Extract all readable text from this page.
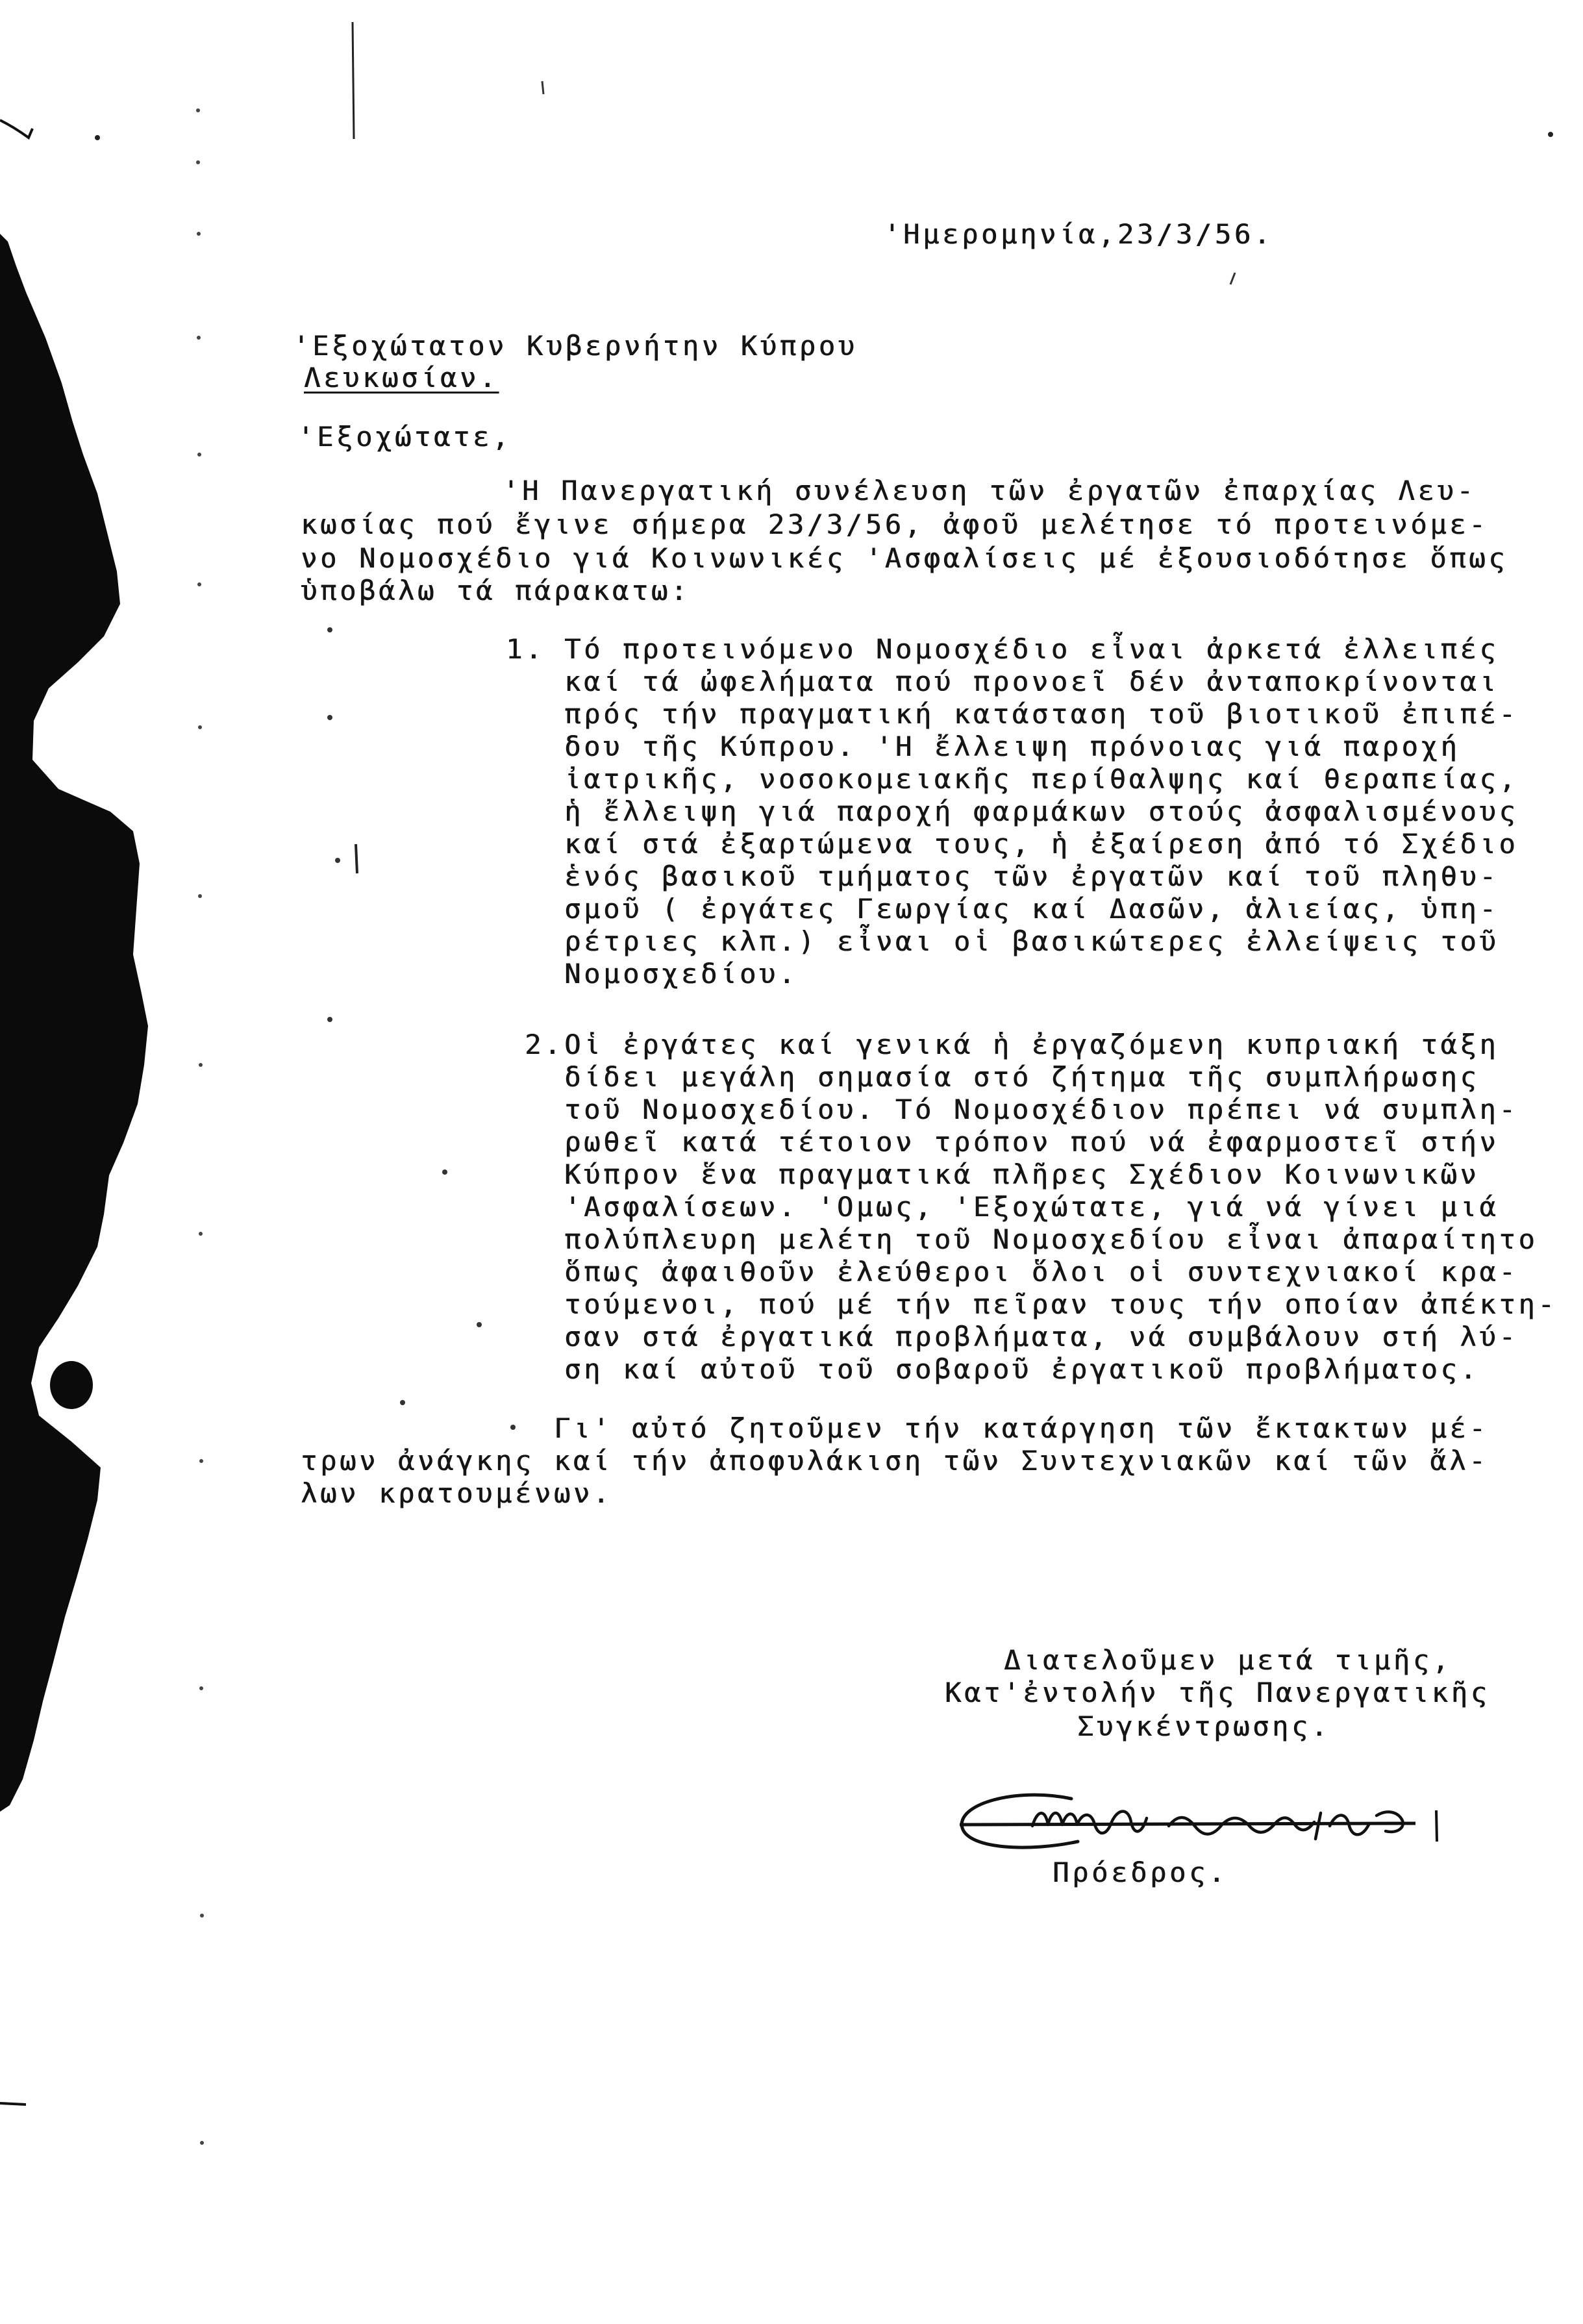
'Ημερομηνία,23/3/56.
'Εξοχώτατον Κυβερνήτην Κύπρου
Λευκωσίαν.
'Εξοχώτατε,
'Η Πανεργατική συνέλευση τῶν ἐργατῶν ἐπαρχίας Λευ-
κωσίας πού ἔγινε σήμερα 23/3/56, ἀφοῦ μελέτησε τό προτεινόμε-
νο Νομοσχέδιο γιά Κοινωνικές 'Ασφαλίσεις μέ ἐξουσιοδότησε ὅπως
ὑποβάλω τά πάρακατω:
1. Τό προτεινόμενο Νομοσχέδιο εἶναι ἀρκετά ἐλλειπές
καί τά ὠφελήματα πού προνοεῖ δέν ἀνταποκρίνονται
πρός τήν πραγματική κατάσταση τοῦ βιοτικοῦ ἐπιπέ-
δου τῆς Κύπρου. 'Η ἔλλειψη πρόνοιας γιά παροχή
ἰατρικῆς, νοσοκομειακῆς περίθαλψης καί θεραπείας,
ἡ ἔλλειψη γιά παροχή φαρμάκων στούς ἀσφαλισμένους
καί στά ἐξαρτώμενα τους, ἡ ἐξαίρεση ἀπό τό Σχέδιο
ἑνός βασικοῦ τμήματος τῶν ἐργατῶν καί τοῦ πληθυ-
σμοῦ ( ἐργάτες Γεωργίας καί Δασῶν, ἁλιείας, ὑπη-
ρέτριες κλπ.) εἶναι οἱ βασικώτερες ἐλλείψεις τοῦ
Νομοσχεδίου.
2. Οἱ ἐργάτες καί γενικά ἡ ἐργαζόμενη κυπριακή τάξη
δίδει μεγάλη σημασία στό ζήτημα τῆς συμπλήρωσης
τοῦ Νομοσχεδίου. Τό Νομοσχέδιον πρέπει νά συμπλη-
ρωθεῖ κατά τέτοιον τρόπον πού νά ἐφαρμοστεῖ στήν
Κύπρον ἕνα πραγματικά πλῆρες Σχέδιον Κοινωνικῶν
'Ασφαλίσεων. 'Ομως, 'Εξοχώτατε, γιά νά γίνει μιά
πολύπλευρη μελέτη τοῦ Νομοσχεδίου εἶναι ἀπαραίτητο
ὅπως ἀφαιθοῦν ἐλεύθεροι ὅλοι οἱ συντεχνιακοί κρα-
τούμενοι, πού μέ τήν πεῖραν τους τήν οποίαν ἀπέκτη-
σαν στά ἐργατικά προβλήματα, νά συμβάλουν στή λύ-
ση καί αὐτοῦ τοῦ σοβαροῦ ἐργατικοῦ προβλήματος.
Γι' αὐτό ζητοῦμεν τήν κατάργηση τῶν ἔκτακτων μέ-
τρων ἀνάγκης καί τήν ἀποφυλάκιση τῶν Συντεχνιακῶν καί τῶν ἄλ-
λων κρατουμένων.
Διατελοῦμεν μετά τιμῆς,
Κατ'ἐντολήν τῆς Πανεργατικῆς
Συγκέντρωσης.
Πρόεδρος.
